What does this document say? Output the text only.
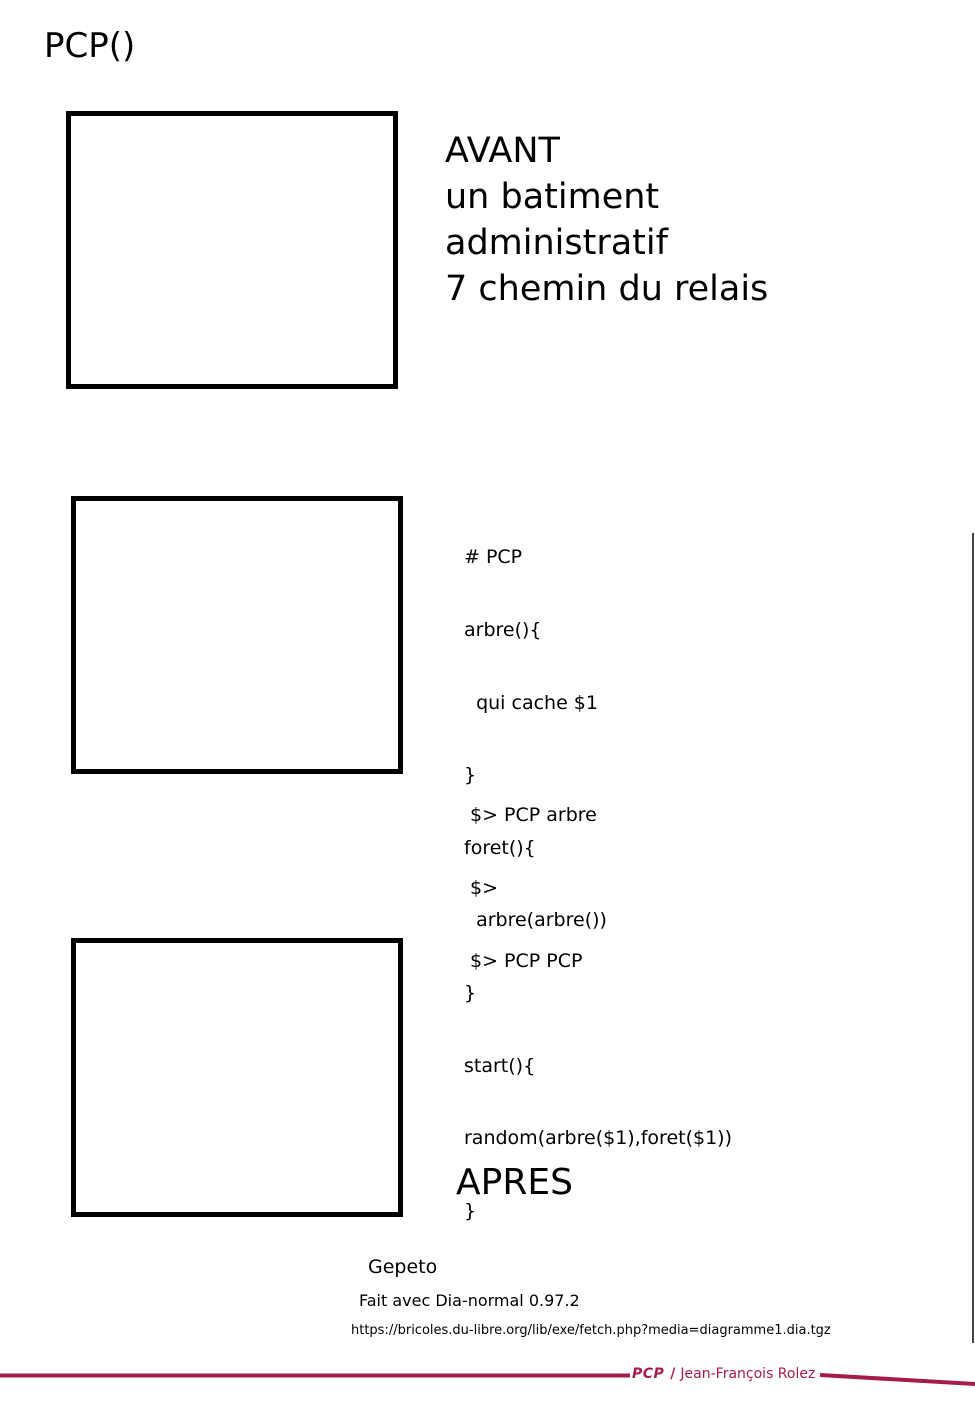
PCP()
AVANT
un batiment
administratif
7 chemin du relais

# PCP

arbre(){

qui cache $1

}

foret(){

arbre(arbre())

}

start(){

random(arbre($1),foret($1))

}

$> PCP arbre

$>

$> PCP PCP

APRES
Gepeto
Fait avec Dia-normal 0.97.2
https://bricoles.du-libre.org/lib/exe/fetch.php?media=diagramme1.dia.tgz
PCP / Jean-François Rolez
